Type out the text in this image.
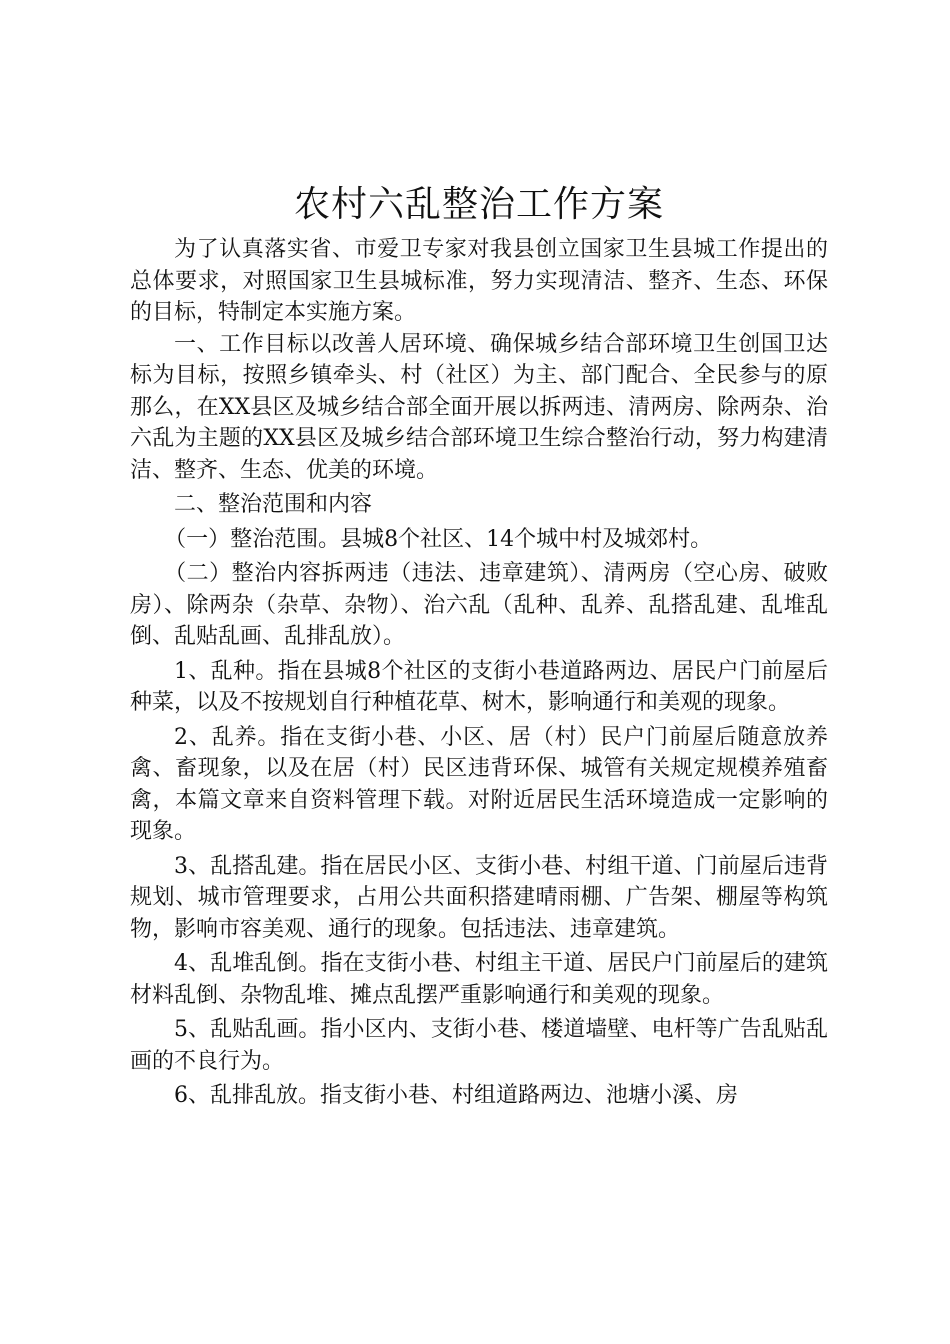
农村六乱整治工作方案

为了认真落实省、市爱卫专家对我县创立国家卫生县城工作提出的总体要求，对照国家卫生县城标准，努力实现清洁、整齐、生态、环保的目标，特制定本实施方案。

一、工作目标以改善人居环境、确保城乡结合部环境卫生创国卫达标为目标，按照乡镇牵头、村（社区）为主、部门配合、全民参与的原那么，在XX县区及城乡结合部全面开展以拆两违、清两房、除两杂、治六乱为主题的XX县区及城乡结合部环境卫生综合整治行动，努力构建清洁、整齐、生态、优美的环境。

二、整治范围和内容

（一）整治范围。县城8个社区、14个城中村及城郊村。

（二）整治内容拆两违（违法、违章建筑）、清两房（空心房、破败房）、除两杂（杂草、杂物）、治六乱（乱种、乱养、乱搭乱建、乱堆乱倒、乱贴乱画、乱排乱放）。

1、乱种。指在县城8个社区的支街小巷道路两边、居民户门前屋后种菜，以及不按规划自行种植花草、树木，影响通行和美观的现象。

2、乱养。指在支街小巷、小区、居（村）民户门前屋后随意放养禽、畜现象，以及在居（村）民区违背环保、城管有关规定规模养殖畜禽，本篇文章来自资料管理下载。对附近居民生活环境造成一定影响的现象。

3、乱搭乱建。指在居民小区、支街小巷、村组干道、门前屋后违背规划、城市管理要求，占用公共面积搭建晴雨棚、广告架、棚屋等构筑物，影响市容美观、通行的现象。包括违法、违章建筑。

4、乱堆乱倒。指在支街小巷、村组主干道、居民户门前屋后的建筑材料乱倒、杂物乱堆、摊点乱摆严重影响通行和美观的现象。

5、乱贴乱画。指小区内、支街小巷、楼道墙壁、电杆等广告乱贴乱画的不良行为。

6、乱排乱放。指支街小巷、村组道路两边、池塘小溪、房
